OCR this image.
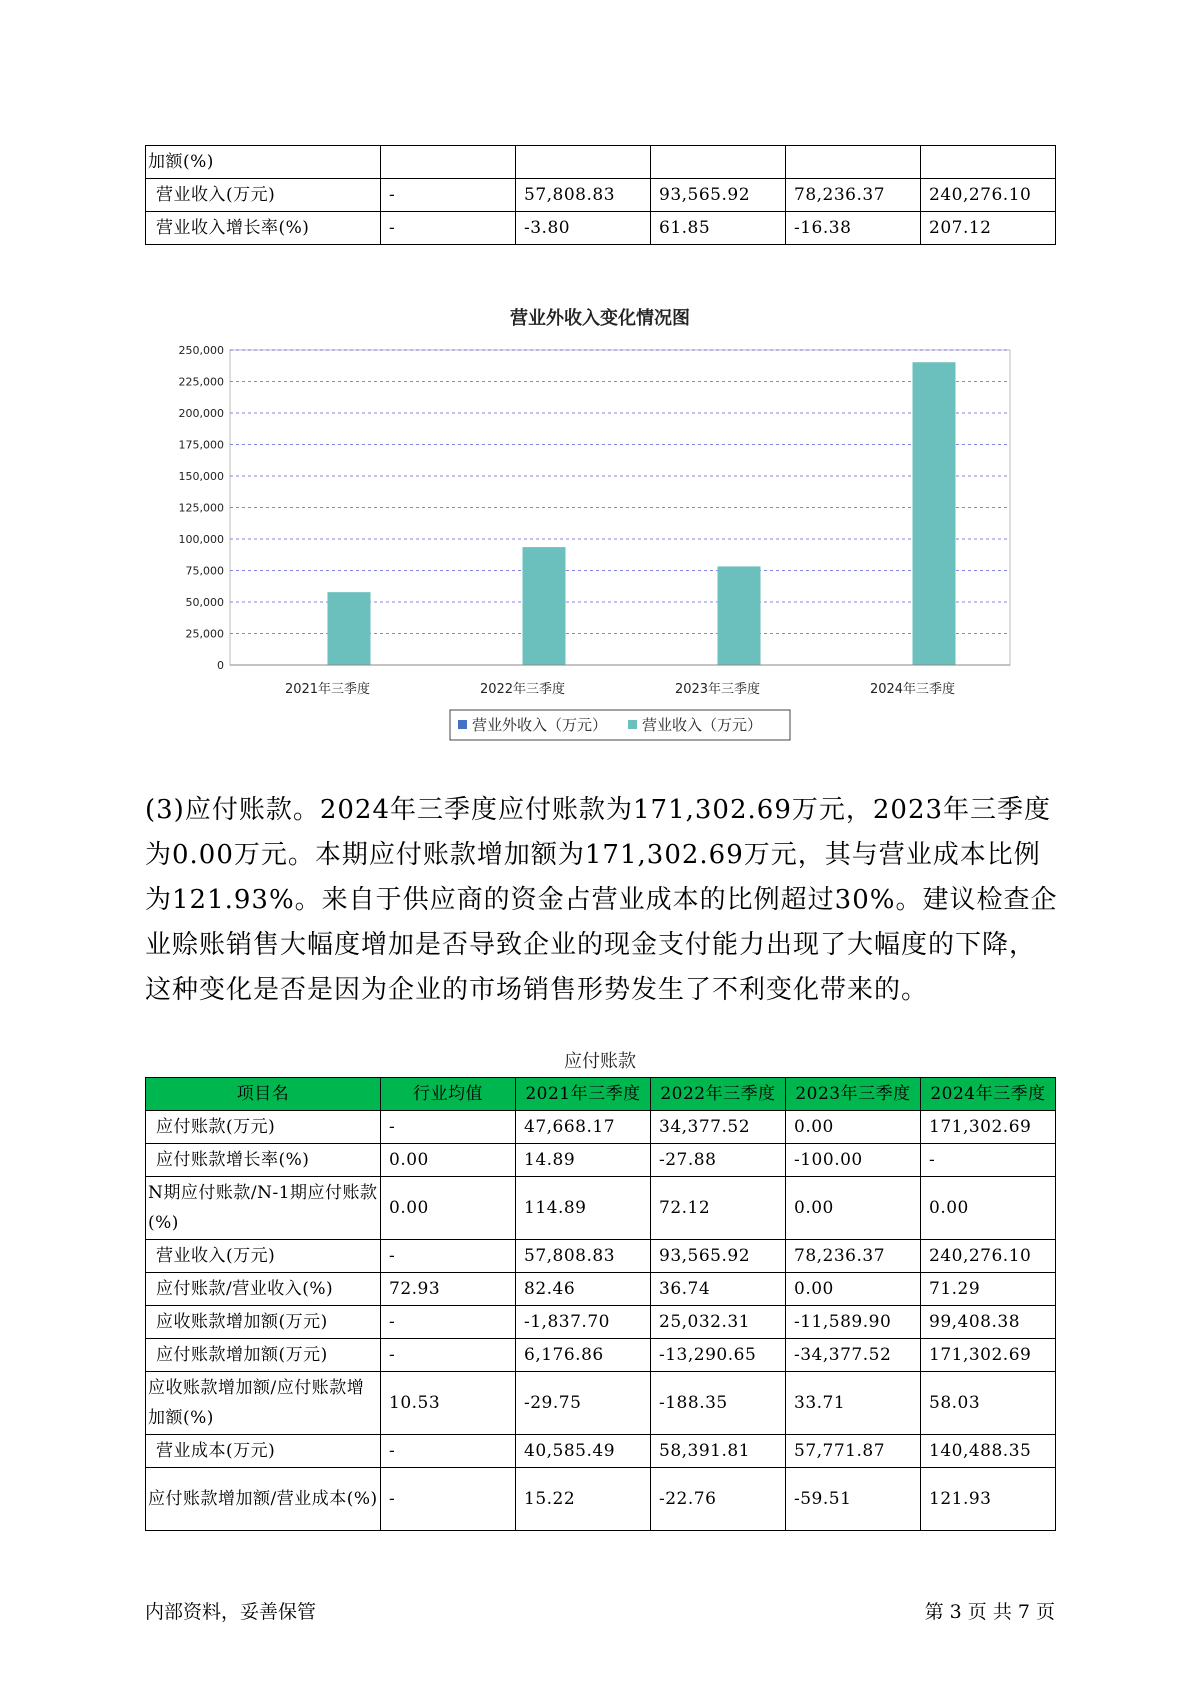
加额(%)					
营业收入(万元)	-	57,808.83	93,565.92	78,236.37	240,276.10
营业收入增长率(%)	-	-3.80	61.85	-16.38	207.12
营业外收入变化情况图
0
25,000
50,000
75,000
100,000
125,000
150,000
175,000
200,000
225,000
250,000
2021年三季度	2022年三季度	2023年三季度	2024年三季度
营业外收入（万元） 营业收入（万元）
(3)应付账款。2024年三季度应付账款为171,302.69万元，2023年三季度为0.00万元。本期应付账款增加额为171,302.69万元，其与营业成本比例为121.93%。来自于供应商的资金占营业成本的比例超过30%。建议检查企业赊账销售大幅度增加是否导致企业的现金支付能力出现了大幅度的下降，这种变化是否是因为企业的市场销售形势发生了不利变化带来的。
应付账款
项目名	行业均值	2021年三季度	2022年三季度	2023年三季度	2024年三季度
应付账款(万元)	-	47,668.17	34,377.52	0.00	171,302.69
应付账款增长率(%)	0.00	14.89	-27.88	-100.00	-
N期应付账款/N-1期应付账款(%)	0.00	114.89	72.12	0.00	0.00
营业收入(万元)	-	57,808.83	93,565.92	78,236.37	240,276.10
应付账款/营业收入(%)	72.93	82.46	36.74	0.00	71.29
应收账款增加额(万元)	-	-1,837.70	25,032.31	-11,589.90	99,408.38
应付账款增加额(万元)	-	6,176.86	-13,290.65	-34,377.52	171,302.69
应收账款增加额/应付账款增加额(%)	10.53	-29.75	-188.35	33.71	58.03
营业成本(万元)	-	40,585.49	58,391.81	57,771.87	140,488.35
应付账款增加额/营业成本(%)	-	15.22	-22.76	-59.51	121.93
内部资料，妥善保管	第 3 页 共 7 页
